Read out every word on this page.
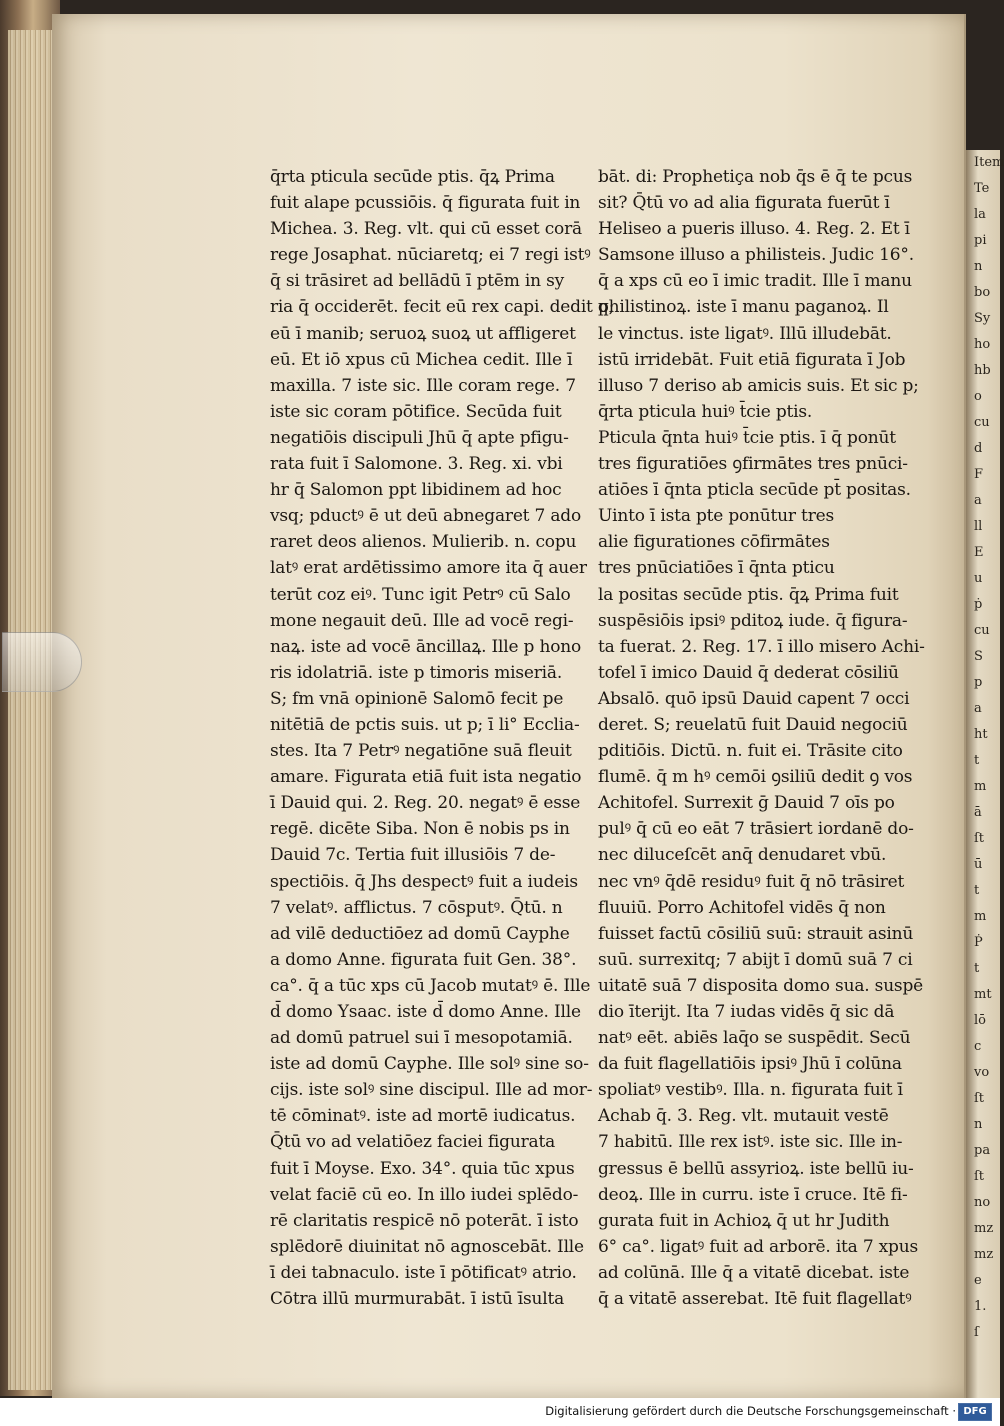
Item
Te
la
pi
n
bo
Sy
ho
hb
o
cu
d
F
a
ll
E
u
ṗ
cu
S
p
a
ht
t
m
ā
ſt
ū
t
m
Ṗ
t
mt
lō
c
vo
ſt
n
pa
ſt
no
mz
mz
e
1.
ſ
q̄rta pticula secūde ptis. q̄ꝝ Prima
fuit alape pcussiōis. q̄ figurata fuit in
Michea. 3. Reg. vlt. qui cū esset corā
rege Josaphat. nūciaretq; ei 7 regi istꝰ
q̄ si trāsiret ad bellādū ī ptēm in sy
ria q̄ occiderēt. fecit eū rex capi. dedit q;
eū ī manib; seruoꝝ suoꝝ ut affligeret
eū. Et iō xpus cū Michea cedit. Ille ī
maxilla. 7 iste sic. Ille coram rege. 7
iste sic coram pōtifice. Secūda fuit
negatiōis discipuli Jhū q̄ apte pfigu-
rata fuit ī Salomone. 3. Reg. xi. vbi
hr q̄ Salomon ppt libidinem ad hoc
vsq; pductꝰ ē ut deū abnegaret 7 ado
raret deos alienos. Mulierib. n. copu
latꝰ erat ardētissimo amore ita q̄ auer
terūt coz eiꝰ. Tunc igit Petrꝰ cū Salo
mone negauit deū. Ille ad vocē regi-
naꝝ. iste ad vocē āncillaꝝ. Ille p hono
ris idolatriā. iste p timoris miseriā.
S; fm vnā opinionē Salomō fecit pe
nitētiā de pctis suis. ut p; ī li° Ecclia-
stes. Ita 7 Petrꝰ negatiōne suā fleuit
amare. Figurata etiā fuit ista negatio
ī Dauid qui. 2. Reg. 20. negatꝰ ē esse
regē. dicēte Siba. Non ē nobis ps in
Dauid 7c. Tertia fuit illusiōis 7 de-
spectiōis. q̄ Jhs despectꝰ fuit a iudeis
7 velatꝰ. afflictus. 7 cōsputꝰ. Q̄tū. n
ad vilē deductiōez ad domū Cayphe
a domo Anne. figurata fuit Gen. 38°.
ca°. q̄ a tūc xps cū Jacob mutatꝰ ē. Ille
d̄ domo Ysaac. iste d̄ domo Anne. Ille
ad domū patruel sui ī mesopotamiā.
iste ad domū Cayphe. Ille solꝰ sine so-
cijs. iste solꝰ sine discipul. Ille ad mor-
tē cōminatꝰ. iste ad mortē iudicatus.
Q̄tū vo ad velatiōez faciei figurata
fuit ī Moyse. Exo. 34°. quia tūc xpus
velat faciē cū eo. In illo iudei splēdo-
rē claritatis respicē nō poterāt. ī isto
splēdorē diuinitat nō agnoscebāt. Ille
ī dei tabnaculo. iste ī pōtificatꝰ atrio.
Cōtra illū murmurabāt. ī istū īsulta
bāt. di: Prophetiça nob q̄s ē q̄ te pcus
sit? Q̄tū vo ad alia figurata fuerūt ī
Heliseo a pueris illuso. 4. Reg. 2. Et ī
Samsone illuso a philisteis. Judic 16°.
q̄ a xps cū eo ī imic tradit. Ille ī manu
philistinoꝝ. iste ī manu paganoꝝ. Il
le vinctus. iste ligatꝰ. Illū illudebāt.
istū irridebāt. Fuit etiā figurata ī Job
illuso 7 deriso ab amicis suis. Et sic p;
q̄rta pticula huiꝰ t̄cie ptis.
Pticula q̄nta huiꝰ t̄cie ptis. ī q̄ ponūt
tres figuratiōes ꝯfirmātes tres pnūci-
atiōes ī q̄nta pticla secūde pt̄ positas.
Uinto ī ista pte ponūtur tres
alie figurationes cōfirmātes
tres pnūciatiōes ī q̄nta pticu
la positas secūde ptis. q̄ꝝ Prima fuit
suspēsiōis ipsiꝰ pditoꝝ iude. q̄ figura-
ta fuerat. 2. Reg. 17. ī illo misero Achi-
tofel ī imico Dauid q̄ dederat cōsiliū
Absalō. quō ipsū Dauid capent 7 occi
deret. S; reuelatū fuit Dauid negociū
pditiōis. Dictū. n. fuit ei. Trāsite cito
flumē. q̄ m hꝰ cemōi ꝯsiliū dedit ꝯ vos
Achitofel. Surrexit ḡ Dauid 7 oīs po
pulꝰ q̄ cū eo eāt 7 trāsiert iordanē do-
nec diluceſcēt anq̄ denudaret vbū.
nec vnꝰ q̄dē residuꝰ fuit q̄ nō trāsiret
fluuiū. Porro Achitofel vidēs q̄ non
fuisset factū cōsiliū suū: strauit asinū
suū. surrexitq; 7 abijt ī domū suā 7 ci
uitatē suā 7 disposita domo sua. suspē
dio īterijt. Ita 7 iudas vidēs q̄ sic dā
natꝰ eēt. abiēs laq̄o se suspēdit. Secū
da fuit flagellatiōis ipsiꝰ Jhū ī colūna
spoliatꝰ vestibꝰ. Illa. n. figurata fuit ī
Achab q̄. 3. Reg. vlt. mutauit vestē
7 habitū. Ille rex istꝰ. iste sic. Ille in-
gressus ē bellū assyrioꝝ. iste bellū iu-
deoꝝ. Ille in curru. iste ī cruce. Itē fi-
gurata fuit in Achioꝝ q̄ ut hr Judith
6° ca°. ligatꝰ fuit ad arborē. ita 7 xpus
ad colūnā. Ille q̄ a vitatē dicebat. iste
q̄ a vitatē asserebat. Itē fuit flagellatꝰ
Digitalisierung gefördert durch die Deutsche Forschungsgemeinschaft · DFG
